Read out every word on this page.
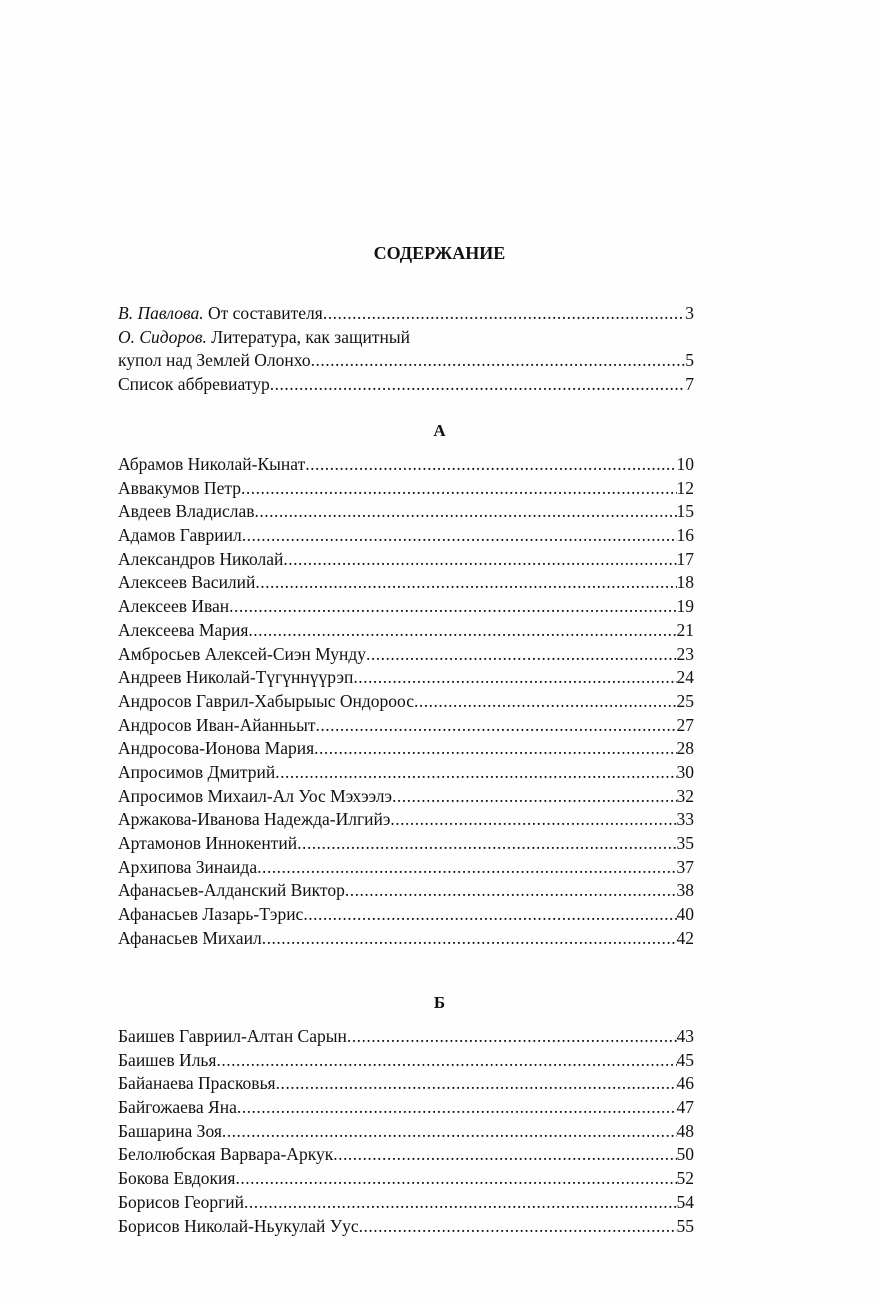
СОДЕРЖАНИЕ
В. Павлова. От составителя .....	3
О. Сидоров. Литература, как защитный
купол над Землей Олонхо .....	5
Список аббревиатур .....	7
А
Абрамов Николай-Кынат .....	10
Аввакумов Петр .....	12
Авдеев Владислав .....	15
Адамов Гавриил .....	16
Александров Николай .....	17
Алексеев Василий .....	18
Алексеев Иван .....	19
Алексеева Мария .....	21
Амбросьев Алексей-Сиэн Мунду .....	23
Андреев Николай-Түгүннүүрэп .....	24
Андросов Гаврил-Хабырыыс Ондороос .....	25
Андросов Иван-Айанньыт .....	27
Андросова-Ионова Мария .....	28
Апросимов Дмитрий .....	30
Апросимов Михаил-Ал Уос Мэхээлэ .....	32
Аржакова-Иванова Надежда-Илгийэ .....	33
Артамонов Иннокентий .....	35
Архипова Зинаида .....	37
Афанасьев-Алданский Виктор .....	38
Афанасьев Лазарь-Тэрис .....	40
Афанасьев Михаил .....	42
Б
Баишев Гавриил-Алтан Сарын .....	43
Баишев Илья .....	45
Байанаева Прасковья .....	46
Байгожаева Яна .....	47
Башарина Зоя .....	48
Белолюбская Варвара-Аркук .....	50
Бокова Евдокия .....	52
Борисов Георгий .....	54
Борисов Николай-Ньукулай Уус .....	55
